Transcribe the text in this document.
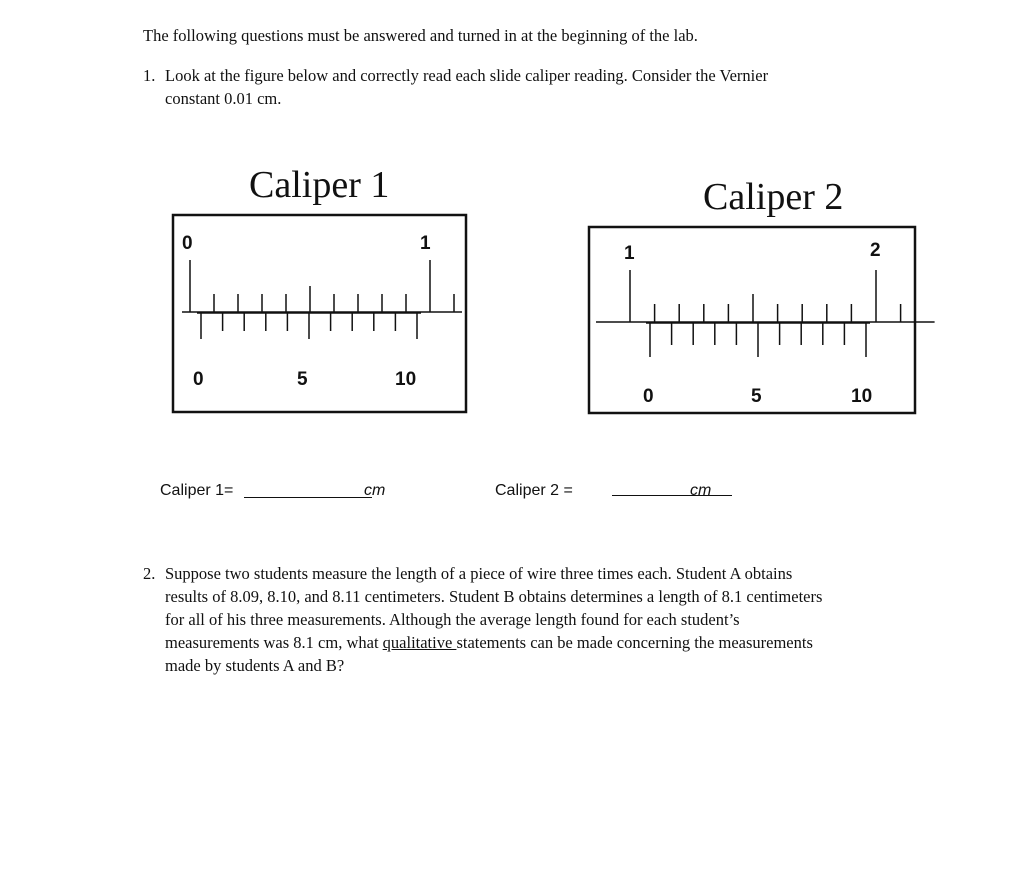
The following questions must be answered and turned in at the beginning of the lab.
1. Look at the figure below and correctly read each slide caliper reading. Consider the Vernier
constant 0.01 cm.
Caliper 1	Caliper 2
0	1
0	5	10
1	2
0	5	10
Caliper 1=	cm	Caliper 2 =	cm
2. Suppose two students measure the length of a piece of wire three times each. Student A obtains
results of 8.09, 8.10, and 8.11 centimeters. Student B obtains determines a length of 8.1 centimeters
for all of his three measurements. Although the average length found for each student’s
measurements was 8.1 cm, what qualitative statements can be made concerning the measurements
made by students A and B?
